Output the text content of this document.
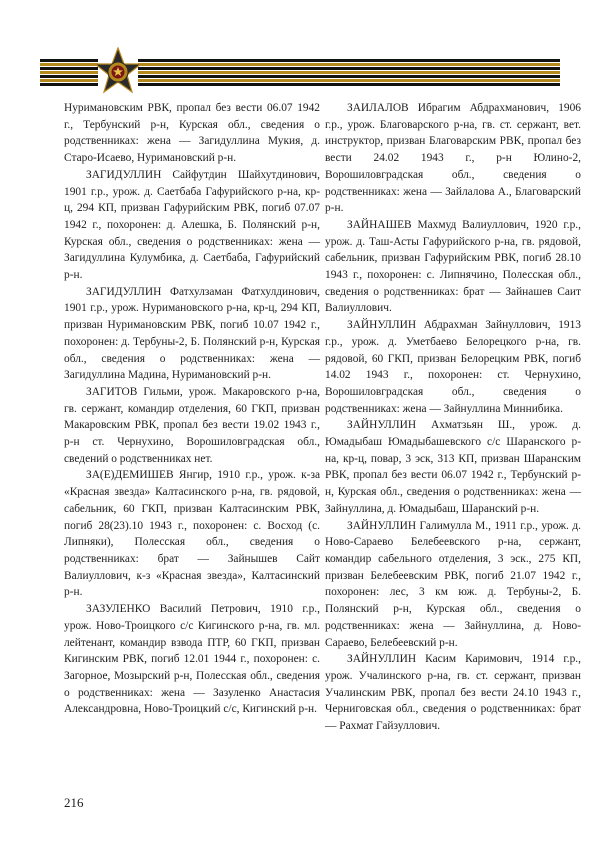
Нуримановским РВК, пропал без вести 06.07 1942 г., Тербунский р-н, Курская обл., сведения о родственниках: жена — Загидуллина Мукия, д. Старо-Исаево, Нуримановский р-н.

ЗАГИДУЛЛИН Сайфутдин Шайхутдинович, 1901 г.р., урож. д. Саетбаба Гафурийского р-на, кр-ц, 294 КП, призван Гафурийским РВК, погиб 07.07 1942 г., похоронен: д. Алешка, Б. Полянский р-н, Курская обл., сведения о родственниках: жена — Загидуллина Кулумбика, д. Саетбаба, Гафурийский р-н.

ЗАГИДУЛЛИН Фатхулзаман Фатхулдинович, 1901 г.р., урож. Нуримановского р-на, кр-ц, 294 КП, призван Нуримановским РВК, погиб 10.07 1942 г., похоронен: д. Тербуны-2, Б. Полянский р-н, Курская обл., сведения о родственниках: жена — Загидуллина Мадина, Нуримановский р-н.

ЗАГИТОВ Гильми, урож. Макаровского р-на, гв. сержант, командир отделения, 60 ГКП, призван Макаровским РВК, пропал без вести 19.02 1943 г., р-н ст. Чернухино, Ворошиловградская обл., сведений о родственниках нет.

ЗА(Е)ДЕМИШЕВ Янгир, 1910 г.р., урож. к-за «Красная звезда» Калтасинского р-на, гв. рядовой, сабельник, 60 ГКП, призван Калтасинским РВК, погиб 28(23).10 1943 г., похоронен: с. Восход (с. Липняки), Полесская обл., сведения о родственниках: брат — Зайнышев Сайт Валиуллович, к-з «Красная звезда», Калтасинский р-н.

ЗАЗУЛЕНКО Василий Петрович, 1910 г.р., урож. Ново-Троицкого с/с Кигинского р-на, гв. мл. лейтенант, командир взвода ПТР, 60 ГКП, призван Кигинским РВК, погиб 12.01 1944 г., похоронен: с. Загорное, Мозырский р-н, Полесская обл., сведения о родственниках: жена — Зазуленко Анастасия Александровна, Ново-Троицкий с/с, Кигинский р-н.

ЗАИЛАЛОВ Ибрагим Абдрахманович, 1906 г.р., урож. Благоварского р-на, гв. ст. сержант, вет. инструктор, призван Благоварским РВК, пропал без вести 24.02 1943 г., р-н Юлино-2, Ворошиловградская обл., сведения о родственниках: жена — Зайлалова А., Благоварский р-н.

ЗАЙНАШЕВ Махмуд Валиуллович, 1920 г.р., урож. д. Таш-Асты Гафурийского р-на, гв. рядовой, сабельник, призван Гафурийским РВК, погиб 28.10 1943 г., похоронен: с. Липнячино, Полесская обл., сведения о родственниках: брат — Зайнашев Саит Валиуллович.

ЗАЙНУЛЛИН Абдрахман Зайнуллович, 1913 г.р., урож. д. Уметбаево Белорецкого р-на, гв. рядовой, 60 ГКП, призван Белорецким РВК, погиб 14.02 1943 г., похоронен: ст. Чернухино, Ворошиловградская обл., сведения о родственниках: жена — Зайнуллина Миннибика.

ЗАЙНУЛЛИН Ахматзьян Ш., урож. д. Юмадыбаш Юмадыбашевского с/с Шаранского р-на, кр-ц, повар, 3 эск, 313 КП, призван Шаранским РВК, пропал без вести 06.07 1942 г., Тербунский р-н, Курская обл., сведения о родственниках: жена — Зайнуллина, д. Юмадыбаш, Шаранский р-н.

ЗАЙНУЛЛИН Галимулла М., 1911 г.р., урож. д. Ново-Сараево Белебеевского р-на, сержант, командир сабельного отделения, 3 эск., 275 КП, призван Белебеевским РВК, погиб 21.07 1942 г., похоронен: лес, 3 км юж. д. Тербуны-2, Б. Полянский р-н, Курская обл., сведения о родственниках: жена — Зайнуллина, д. Ново-Сараево, Белебеевский р-н.

ЗАЙНУЛЛИН Касим Каримович, 1914 г.р., урож. Учалинского р-на, гв. ст. сержант, призван Учалинским РВК, пропал без вести 24.10 1943 г., Черниговская обл., сведения о родственниках: брат — Рахмат Гайзуллович.

216
